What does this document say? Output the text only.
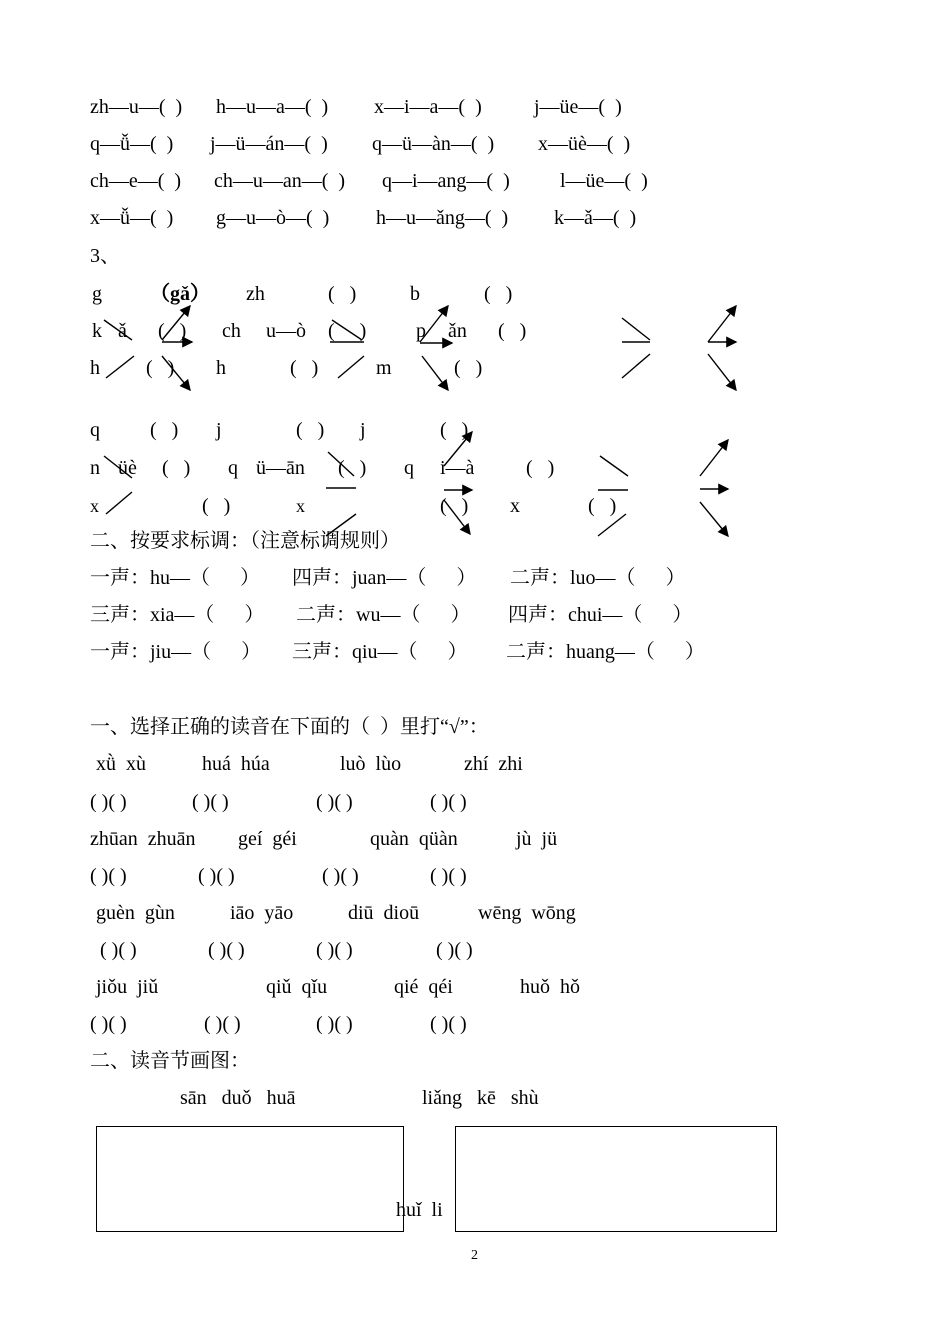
zh—u—(  ) h—u—a—(  ) x—i—a—(  )	j—üe—(  )
q—ǚ—(  ) j—ü—án—(  ) q—ü—àn—(  ) x—üè—(  )
ch—e—(  ) ch—u—an—(  ) q—i—ang—(  )	l—üe—(  )
x—ǚ—(  ) g—u—ò—(  ) h—u—ǎng—(  ) k—ǎ—(  )
3、
g （gǎ） zh	(   )	b	(   )
k ǎ (   ) ch u—ò (     ) p ǎn (   )
h (   ) h	(   )	m	(   )
q	(   ) j	(   ) j	(   )
n üè (   ) q ü—ān (   ) q i—à	(   )
x	(   )	x	(   ) x	(   )
二、按要求标调：（注意标调规则）
一声：hu—（      ） 四声：juan—（      ） 二声：luo—（      ）
三声：xia—（      ） 二声：wu—（      ） 四声：chui—（      ）
一声：jiu—（      ） 三声：qiu—（      ） 二声：huang—（      ）
一、选择正确的读音在下面的（  ）里打“√”：
xǜ  xù	huá  húa	luò  lùo	zhí  zhi
( )( )	( )( )	( )( )	( )( )
zhūan  zhuān geí  géi	quàn  qüàn	jù  jü
( )( )	( )( )	( )( )	( )( )
guèn  gùn	iāo  yāo	diū  dioū	wēng  wōng
( )( )	( )( )	( )( )	( )( )
jiǒu  jiǔ	qiǔ  qǐu	qié  qéi	huǒ  hǒ
( )( )	( )( )	( )( )	( )( )
二、读音节画图：
sān   duǒ   huā	liǎng   kē   shù
huǐ  li
2
